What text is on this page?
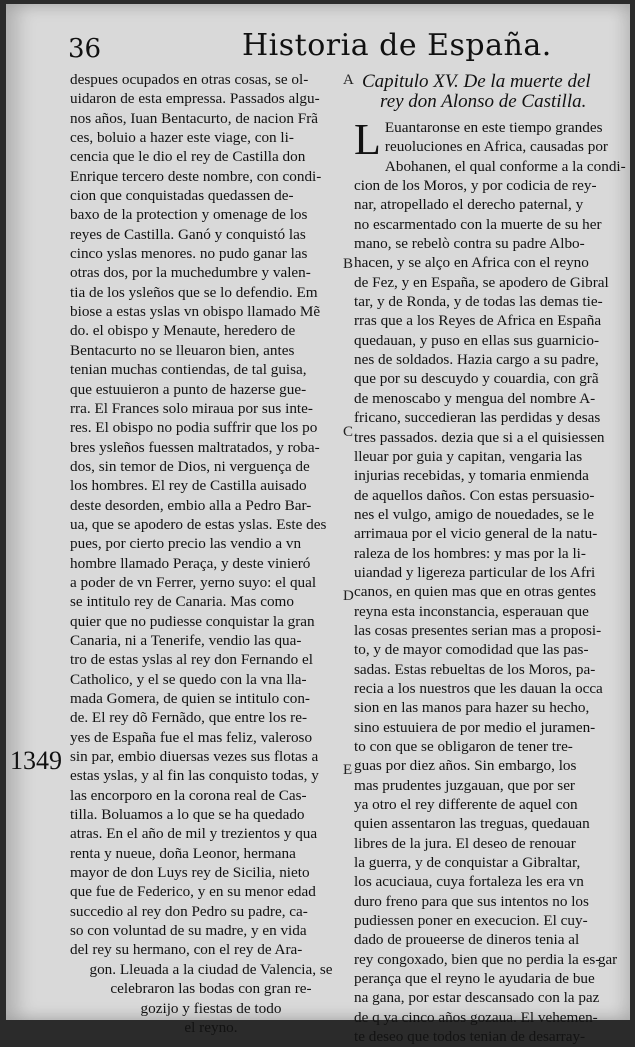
36	Historia de España.
despues ocupados en otras cosas, se ol-
uidaron de esta empressa. Passados algu-
nos años, Iuan Bentacurto, de nacion Frã
ces, boluio a hazer este viage, con li-
cencia que le dio el rey de Castilla don
Enrique tercero deste nombre, con condi-
cion que conquistadas quedassen de-
baxo de la protection y omenage de los
reyes de Castilla. Ganó y conquistó las
cinco yslas menores. no pudo ganar las
otras dos, por la muchedumbre y valen-
tia de los ysleños que se lo defendio. Em
biose a estas yslas vn obispo llamado Mẽ
do. el obispo y Menaute, heredero de
Bentacurto no se lleuaron bien, antes
tenian muchas contiendas, de tal guisa,
que estuuieron a punto de hazerse gue-
rra. El Frances solo miraua por sus inte-
res. El obispo no podia suffrir que los po
bres ysleños fuessen maltratados, y roba-
dos, sin temor de Dios, ni verguença de
los hombres. El rey de Castilla auisado
deste desorden, embio alla a Pedro Bar-
ua, que se apodero de estas yslas. Este des
pues, por cierto precio las vendio a vn
hombre llamado Peraça, y deste vinieró
a poder de vn Ferrer, yerno suyo: el qual
se intitulo rey de Canaria. Mas como
quier que no pudiesse conquistar la gran
Canaria, ni a Tenerife, vendio las qua-
tro de estas yslas al rey don Fernando el
Catholico, y el se quedo con la vna lla-
mada Gomera, de quien se intitulo con-
de. El rey dõ Fernãdo, que entre los re-
yes de España fue el mas feliz, valeroso
sin par, embio diuersas vezes sus flotas a
estas yslas, y al fin las conquisto todas, y
las encorporo en la corona real de Cas-
tilla. Boluamos a lo que se ha quedado
atras. En el año de mil y trezientos y qua
renta y nueue, doña Leonor, hermana
mayor de don Luys rey de Sicilia, nieto
que fue de Federico, y en su menor edad
succedio al rey don Pedro su padre, ca-
so con voluntad de su madre, y en vida
del rey su hermano, con el rey de Ara-
gon. Lleuada a la ciudad de Valencia, se
celebraron las bodas con gran re-
gozijo y fiestas de todo
el reyno.
Capitulo XV. De la muerte del
rey don Alonso de Castilla.
L Euantaronse en este tiempo grandes
reuoluciones en Africa, causadas por
Abohanen, el qual conforme a la condi-
cion de los Moros, y por codicia de rey-
nar, atropellado el derecho paternal, y
no escarmentado con la muerte de su her
mano, se rebelò contra su padre Albo-
hacen, y se alço en Africa con el reyno
de Fez, y en España, se apodero de Gibral
tar, y de Ronda, y de todas las demas tie-
rras que a los Reyes de Africa en España
quedauan, y puso en ellas sus guarnicio-
nes de soldados. Hazia cargo a su padre,
que por su descuydo y couardia, con grã
de menoscabo y mengua del nombre A-
fricano, succedieran las perdidas y desas
tres passados. dezia que si a el quisiessen
lleuar por guia y capitan, vengaria las
injurias recebidas, y tomaria enmienda
de aquellos daños. Con estas persuasio-
nes el vulgo, amigo de nouedades, se le
arrimaua por el vicio general de la natu-
raleza de los hombres: y mas por la li-
uiandad y ligereza particular de los Afri
canos, en quien mas que en otras gentes
reyna esta inconstancia, esperauan que
las cosas presentes serian mas a proposi-
to, y de mayor comodidad que las pas-
sadas. Estas rebueltas de los Moros, pa-
recia a los nuestros que les dauan la occa
sion en las manos para hazer su hecho,
sino estuuiera de por medio el juramen-
to con que se obligaron de tener tre-
guas por diez años. Sin embargo, los
mas prudentes juzgauan, que por ser
ya otro el rey differente de aquel con
quien assentaron las treguas, quedauan
libres de la jura. El deseo de renouar
la guerra, y de conquistar a Gibraltar,
los acuciaua, cuya fortaleza les era vn
duro freno para que sus intentos no los
pudiessen poner en execucion. El cuy-
dado de proueerse de dineros tenia al
rey congoxado, bien que no perdia la es-
perança que el reyno le ayudaria de bue
na gana, por estar descansado con la paz
de q ya cinco años gozaua. El vehemen-
te deseo que todos tenian de desarray-
A
B
C
D
E
1349
gar
